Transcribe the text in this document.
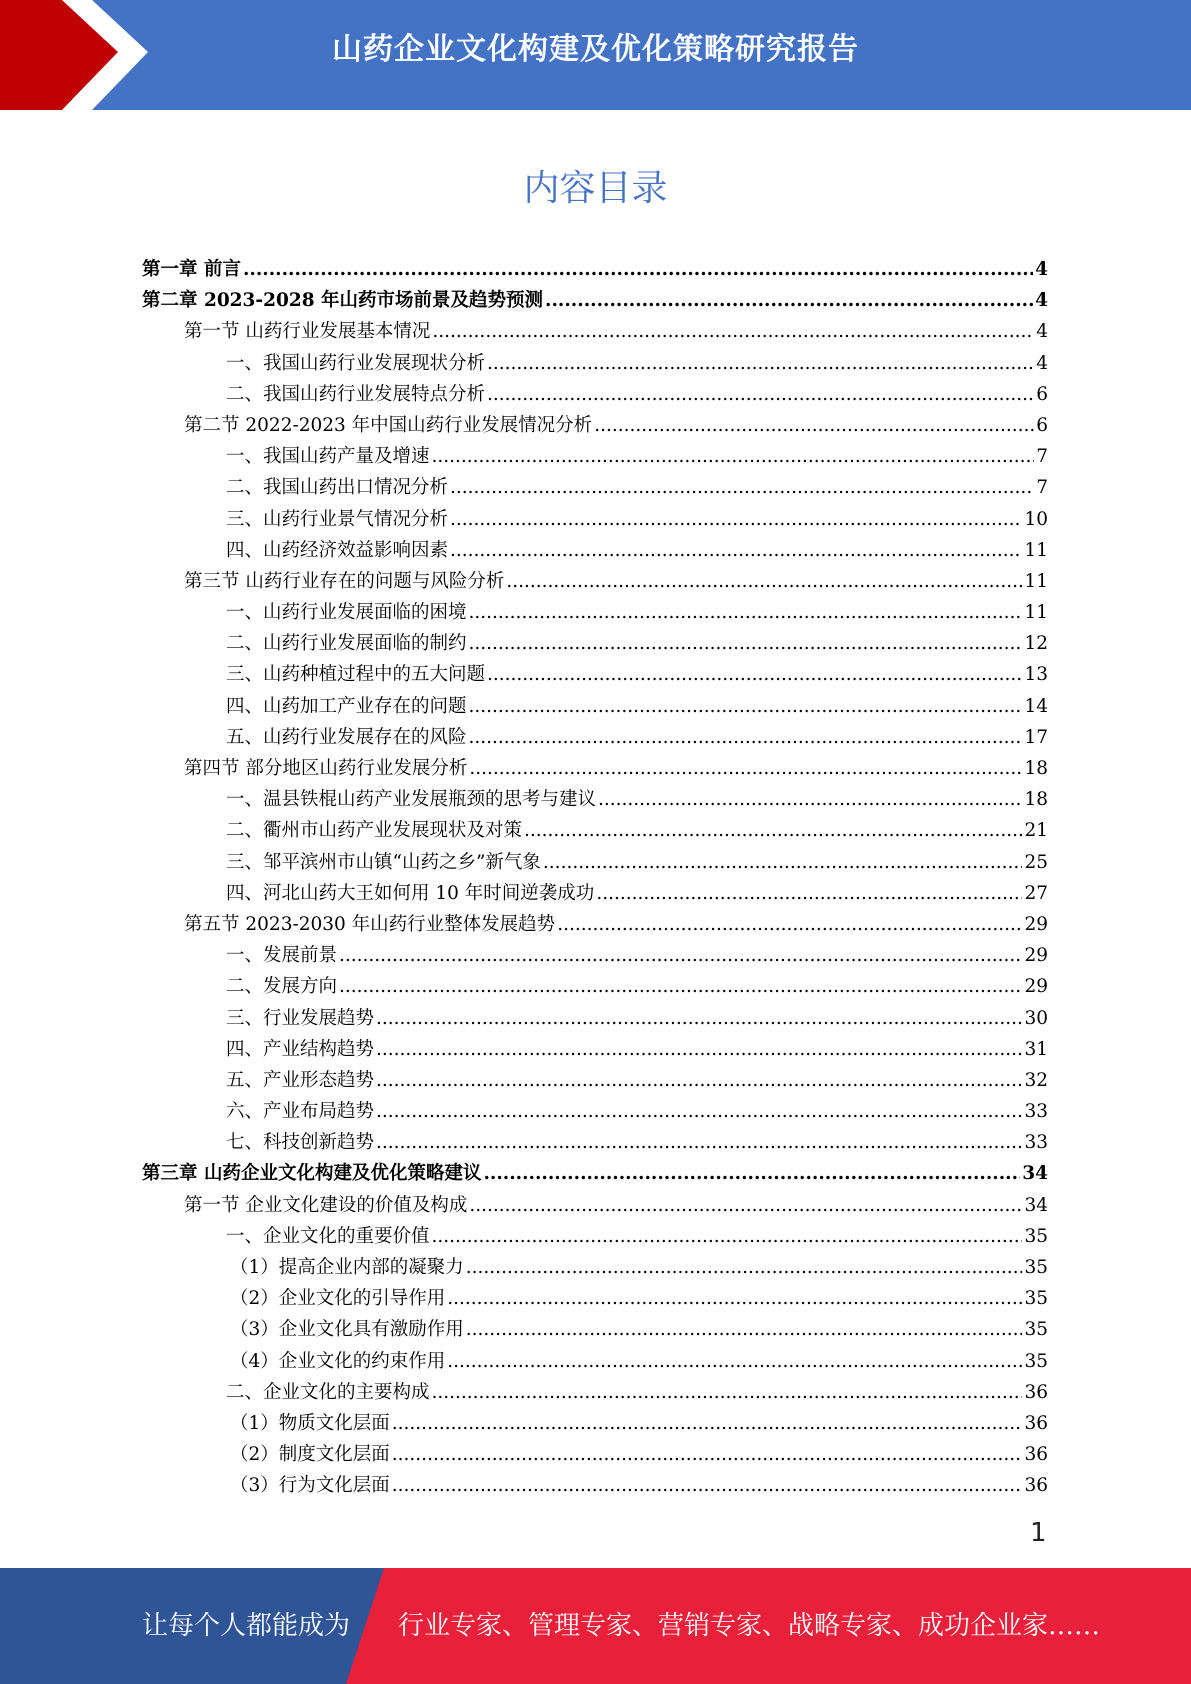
山药企业文化构建及优化策略研究报告
内容目录
第一章 前言 .....	4
第二章 2023-2028 年山药市场前景及趋势预测 .....	4
第一节 山药行业发展基本情况 .....	4
一、我国山药行业发展现状分析 .....	4
二、我国山药行业发展特点分析 .....	6
第二节 2022-2023 年中国山药行业发展情况分析 .....	6
一、我国山药产量及增速 .....	7
二、我国山药出口情况分析 .....	7
三、山药行业景气情况分析 .....	10
四、山药经济效益影响因素 .....	11
第三节 山药行业存在的问题与风险分析 .....	11
一、山药行业发展面临的困境 .....	11
二、山药行业发展面临的制约 .....	12
三、山药种植过程中的五大问题 .....	13
四、山药加工产业存在的问题 .....	14
五、山药行业发展存在的风险 .....	17
第四节 部分地区山药行业发展分析 .....	18
一、温县铁棍山药产业发展瓶颈的思考与建议 .....	18
二、衢州市山药产业发展现状及对策 .....	21
三、邹平滨州市山镇“山药之乡”新气象 .....	25
四、河北山药大王如何用 10 年时间逆袭成功 .....	27
第五节 2023-2030 年山药行业整体发展趋势 .....	29
一、发展前景 .....	29
二、发展方向 .....	29
三、行业发展趋势 .....	30
四、产业结构趋势 .....	31
五、产业形态趋势 .....	32
六、产业布局趋势 .....	33
七、科技创新趋势 .....	33
第三章 山药企业文化构建及优化策略建议 .....	34
第一节 企业文化建设的价值及构成 .....	34
一、企业文化的重要价值 .....	35
（1）提高企业内部的凝聚力 .....	35
（2）企业文化的引导作用 .....	35
（3）企业文化具有激励作用 .....	35
（4）企业文化的约束作用 .....	35
二、企业文化的主要构成 .....	36
（1）物质文化层面 .....	36
（2）制度文化层面 .....	36
（3）行为文化层面 .....	36
1
让每个人都能成为 行业专家、管理专家、营销专家、战略专家、成功企业家……
